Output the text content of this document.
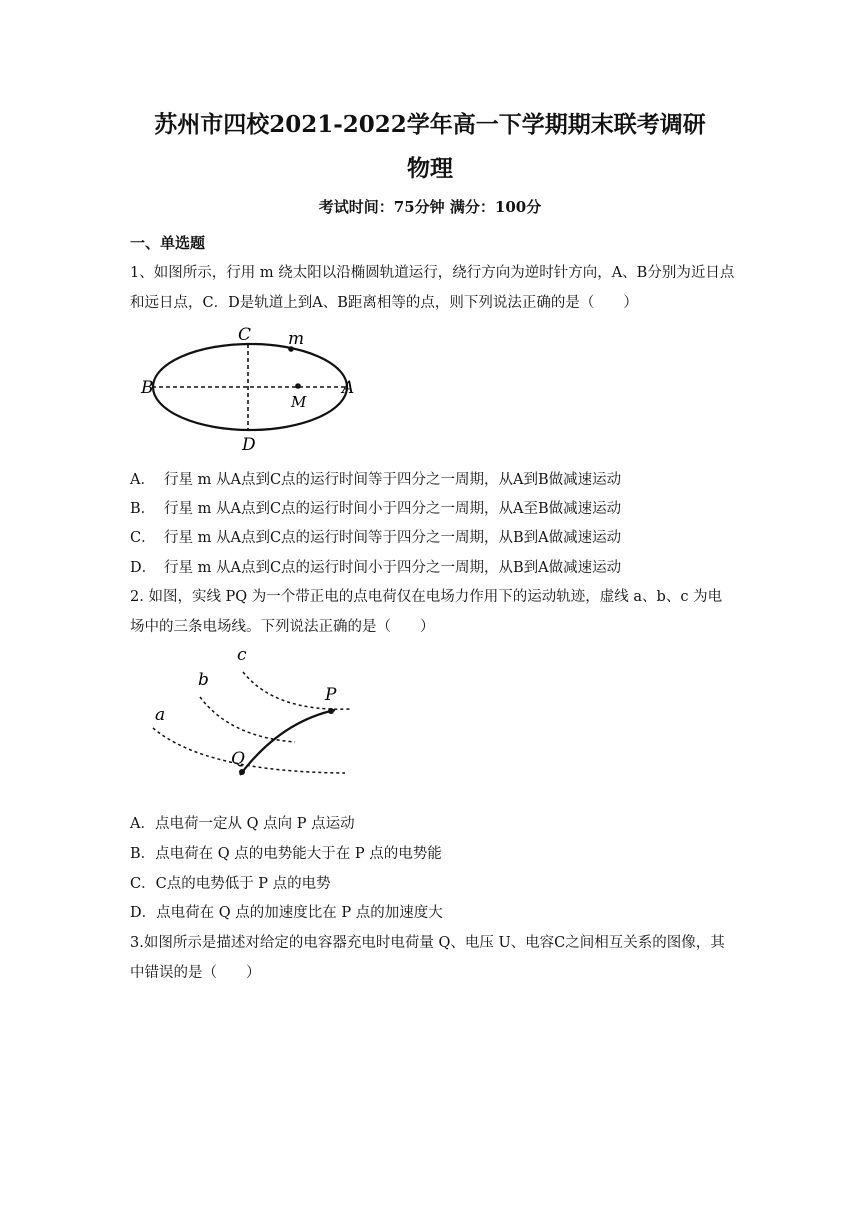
苏州市四校2021-2022学年高一下学期期末联考调研
物理
考试时间：75分钟 满分：100分
一、单选题
1、如图所示，行用 m 绕太阳以沿椭圆轨道运行，绕行方向为逆时针方向，A、B分别为近日点和远日点，C．D是轨道上到A、B距离相等的点，则下列说法正确的是（　　）
C m
B	A
M
D
A． 行星 m 从A点到C点的运行时间等于四分之一周期，从A到B做减速运动
B． 行星 m 从A点到C点的运行时间小于四分之一周期，从A至B做减速运动
C． 行星 m 从A点到C点的运行时间等于四分之一周期，从B到A做减速运动
D． 行星 m 从A点到C点的运行时间小于四分之一周期，从B到A做减速运动
2. 如图，实线 PQ 为一个带正电的点电荷仅在电场力作用下的运动轨迹，虚线 a、b、c 为电场中的三条电场线。下列说法正确的是（　　）
a
b
c
P
Q
A．点电荷一定从 Q 点向 P 点运动
B．点电荷在 Q 点的电势能大于在 P 点的电势能
C．C点的电势低于 P 点的电势
D．点电荷在 Q 点的加速度比在 P 点的加速度大
3.如图所示是描述对给定的电容器充电时电荷量 Q、电压 U、电容C之间相互关系的图像，其中错误的是（　　）
